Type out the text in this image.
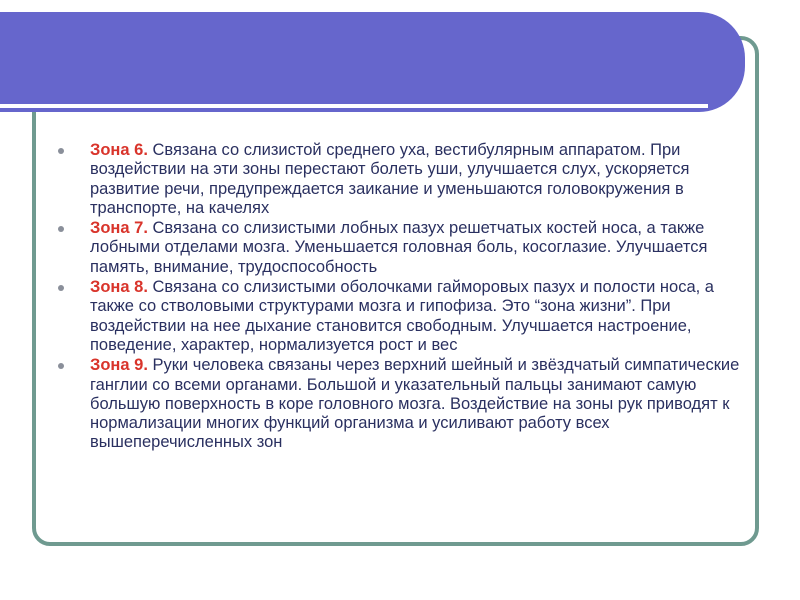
Зона 6. Связана со слизистой среднего уха, вестибулярным аппаратом. При воздействии на эти зоны перестают болеть уши, улучшается слух, ускоряется развитие речи, предупреждается заикание и уменьшаются головокружения в транспорте, на качелях
Зона 7. Связана со слизистыми лобных пазух решетчатых костей носа, а также лобными отделами мозга. Уменьшается головная боль, косоглазие. Улучшается память, внимание, трудоспособность
Зона 8. Связана со слизистыми оболочками гайморовых пазух и полости носа, а также со стволовыми структурами мозга и гипофиза. Это “зона жизни”. При воздействии на нее дыхание становится свободным. Улучшается настроение, поведение, характер, нормализуется рост и вес
Зона 9. Руки человека связаны через верхний шейный и звёздчатый симпатические ганглии со всеми органами. Большой и указательный пальцы занимают самую большую поверхность в коре головного мозга. Воздействие на зоны рук приводят к нормализации многих функций организма и усиливают работу всех вышеперечисленных зон
